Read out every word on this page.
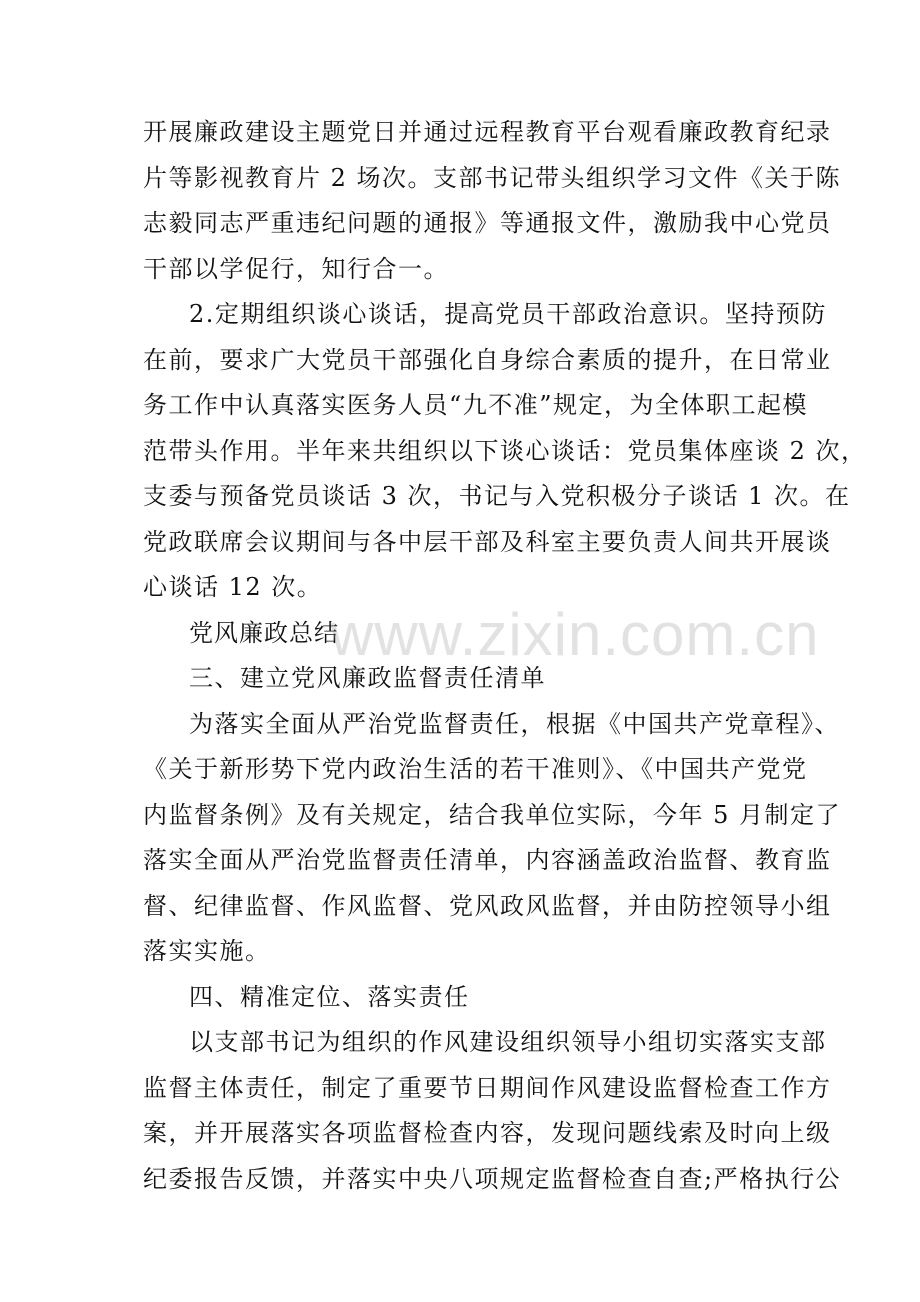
开展廉政建设主题党日并通过远程教育平台观看廉政教育纪录
片等影视教育片 2 场次。支部书记带头组织学习文件《关于陈
志毅同志严重违纪问题的通报》等通报文件，激励我中心党员
干部以学促行，知行合一。
2.定期组织谈心谈话，提高党员干部政治意识。坚持预防
在前，要求广大党员干部强化自身综合素质的提升，在日常业
务工作中认真落实医务人员“九不准”规定，为全体职工起模
范带头作用。半年来共组织以下谈心谈话：党员集体座谈 2 次，
支委与预备党员谈话 3 次，书记与入党积极分子谈话 1 次。在
党政联席会议期间与各中层干部及科室主要负责人间共开展谈
心谈话 12 次。
党风廉政总结
三、建立党风廉政监督责任清单
为落实全面从严治党监督责任，根据《中国共产党章程》、
《关于新形势下党内政治生活的若干准则》、《中国共产党党
内监督条例》及有关规定，结合我单位实际，今年 5 月制定了
落实全面从严治党监督责任清单，内容涵盖政治监督、教育监
督、纪律监督、作风监督、党风政风监督，并由防控领导小组
落实实施。
四、精准定位、落实责任
以支部书记为组织的作风建设组织领导小组切实落实支部
监督主体责任，制定了重要节日期间作风建设监督检查工作方
案，并开展落实各项监督检查内容，发现问题线索及时向上级
纪委报告反馈，并落实中央八项规定监督检查自查;严格执行公
www.zixin.com.cn
